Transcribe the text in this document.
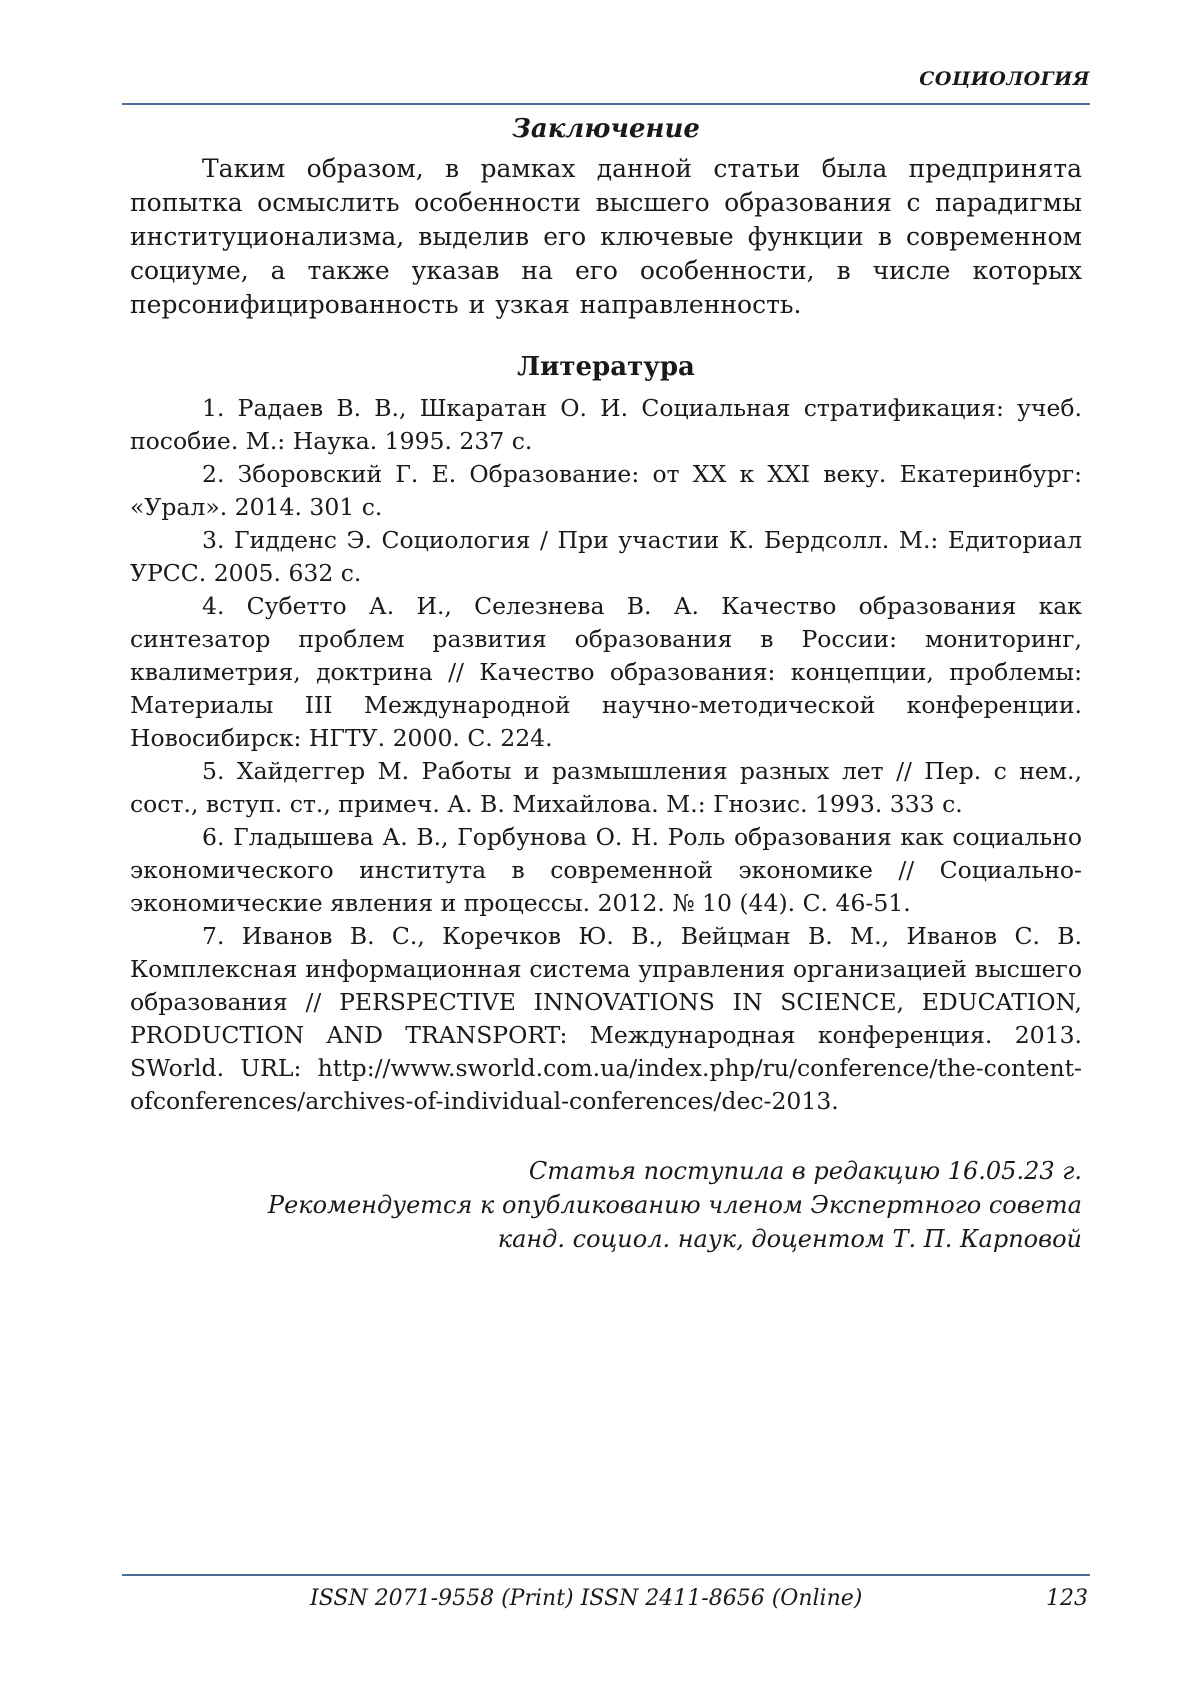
СОЦИОЛОГИЯ
Заключение

Таким образом, в рамках данной статьи была предпринята попытка осмыслить особенности высшего образования с парадигмы институционализма, выделив его ключевые функции в современном социуме, а также указав на его особенности, в числе которых персонифицированность и узкая направленность.

Литература
1. Радаев В. В., Шкаратан О. И. Социальная стратификация: учеб. пособие. М.: Наука. 1995. 237 с.
2. Зборовский Г. Е. Образование: от XX к XXI веку. Екатеринбург: «Урал». 2014. 301 с.
3. Гидденс Э. Социология / При участии К. Бердсолл. М.: Едиториал УРСС. 2005. 632 с.
4. Субетто А. И., Селезнева В. А. Качество образования как синтезатор проблем развития образования в России: мониторинг, квалиметрия, доктрина // Качество образования: концепции, проблемы: Материалы III Международной научно-методической конференции. Новосибирск: НГТУ. 2000. С. 224.
5. Хайдеггер М. Работы и размышления разных лет // Пер. с нем., сост., вступ. ст., примеч. А. В. Михайлова. М.: Гнозис. 1993. 333 с.
6. Гладышева А. В., Горбунова О. Н. Роль образования как социально экономического института в современной экономике // Социально-экономические явления и процессы. 2012. № 10 (44). С. 46-51.
7. Иванов В. С., Коречков Ю. В., Вейцман В. М., Иванов С. В. Комплексная информационная система управления организацией высшего образования // PERSPECTIVE INNOVATIONS IN SCIENCE, EDUCATION, PRODUCTION AND TRANSPORT: Международная конференция. 2013. SWorld. URL: http://www.sworld.com.ua/index.php/ru/conference/the-content-ofconferences/archives-of-individual-conferences/dec-2013.
Статья поступила в редакцию 16.05.23 г.
Рекомендуется к опубликованию членом Экспертного совета
канд. социол. наук, доцентом Т. П. Карповой
ISSN 2071-9558 (Print) ISSN 2411-8656 (Online)	123
